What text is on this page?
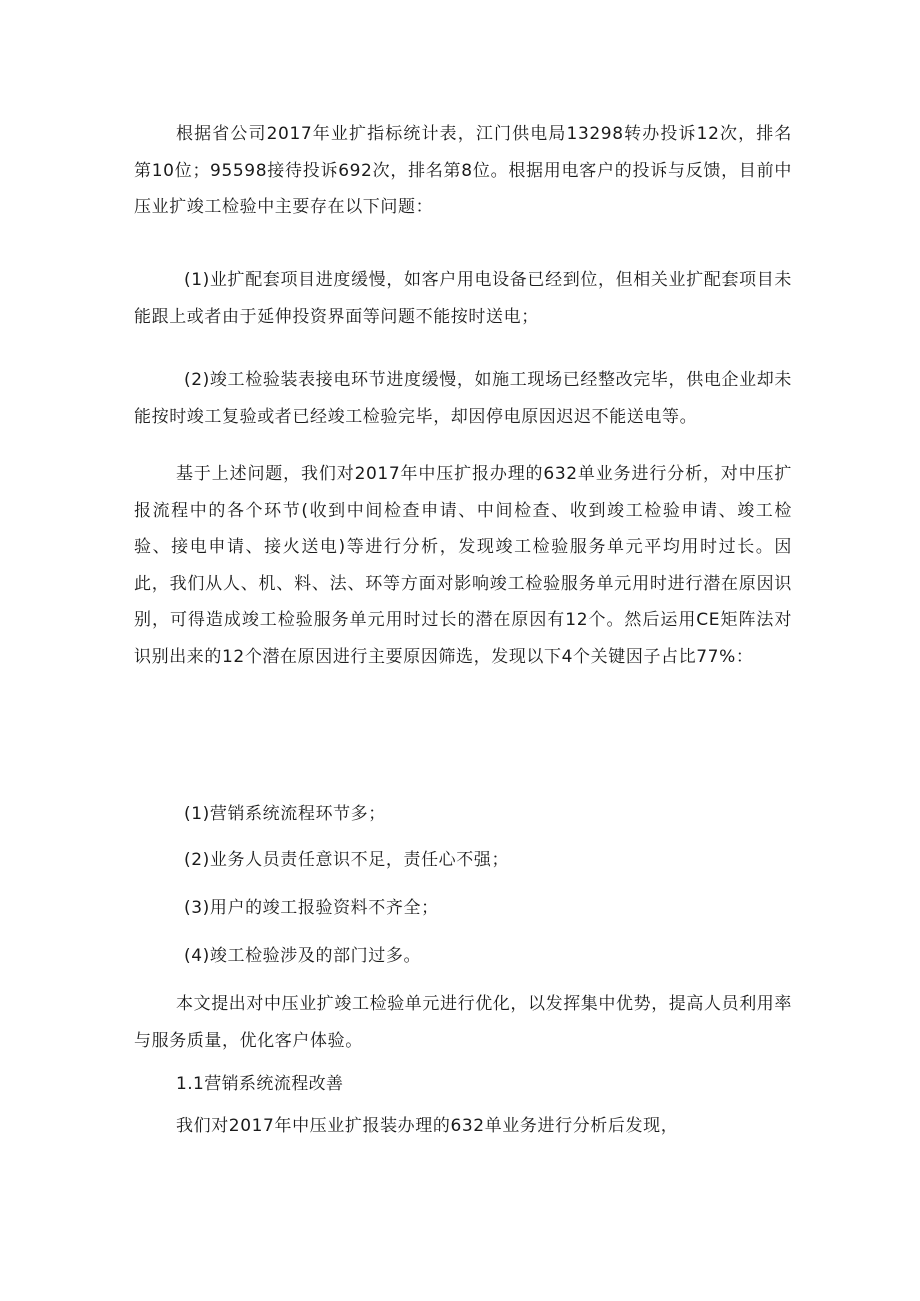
根据省公司2017年业扩指标统计表，江门供电局13298转办投诉12次，排名第10位；95598接待投诉692次，排名第8位。根据用电客户的投诉与反馈，目前中压业扩竣工检验中主要存在以下问题：

(1)业扩配套项目进度缓慢，如客户用电设备已经到位，但相关业扩配套项目未能跟上或者由于延伸投资界面等问题不能按时送电；

(2)竣工检验装表接电环节进度缓慢，如施工现场已经整改完毕，供电企业却未能按时竣工复验或者已经竣工检验完毕，却因停电原因迟迟不能送电等。

基于上述问题，我们对2017年中压扩报办理的632单业务进行分析，对中压扩报流程中的各个环节(收到中间检查申请、中间检查、收到竣工检验申请、竣工检验、接电申请、接火送电)等进行分析，发现竣工检验服务单元平均用时过长。因此，我们从人、机、料、法、环等方面对影响竣工检验服务单元用时进行潜在原因识别，可得造成竣工检验服务单元用时过长的潜在原因有12个。然后运用CE矩阵法对识别出来的12个潜在原因进行主要原因筛选，发现以下4个关键因子占比77%：

(1)营销系统流程环节多；

(2)业务人员责任意识不足，责任心不强；

(3)用户的竣工报验资料不齐全；

(4)竣工检验涉及的部门过多。

本文提出对中压业扩竣工检验单元进行优化，以发挥集中优势，提高人员利用率与服务质量，优化客户体验。

1.1营销系统流程改善

我们对2017年中压业扩报装办理的632单业务进行分析后发现，
